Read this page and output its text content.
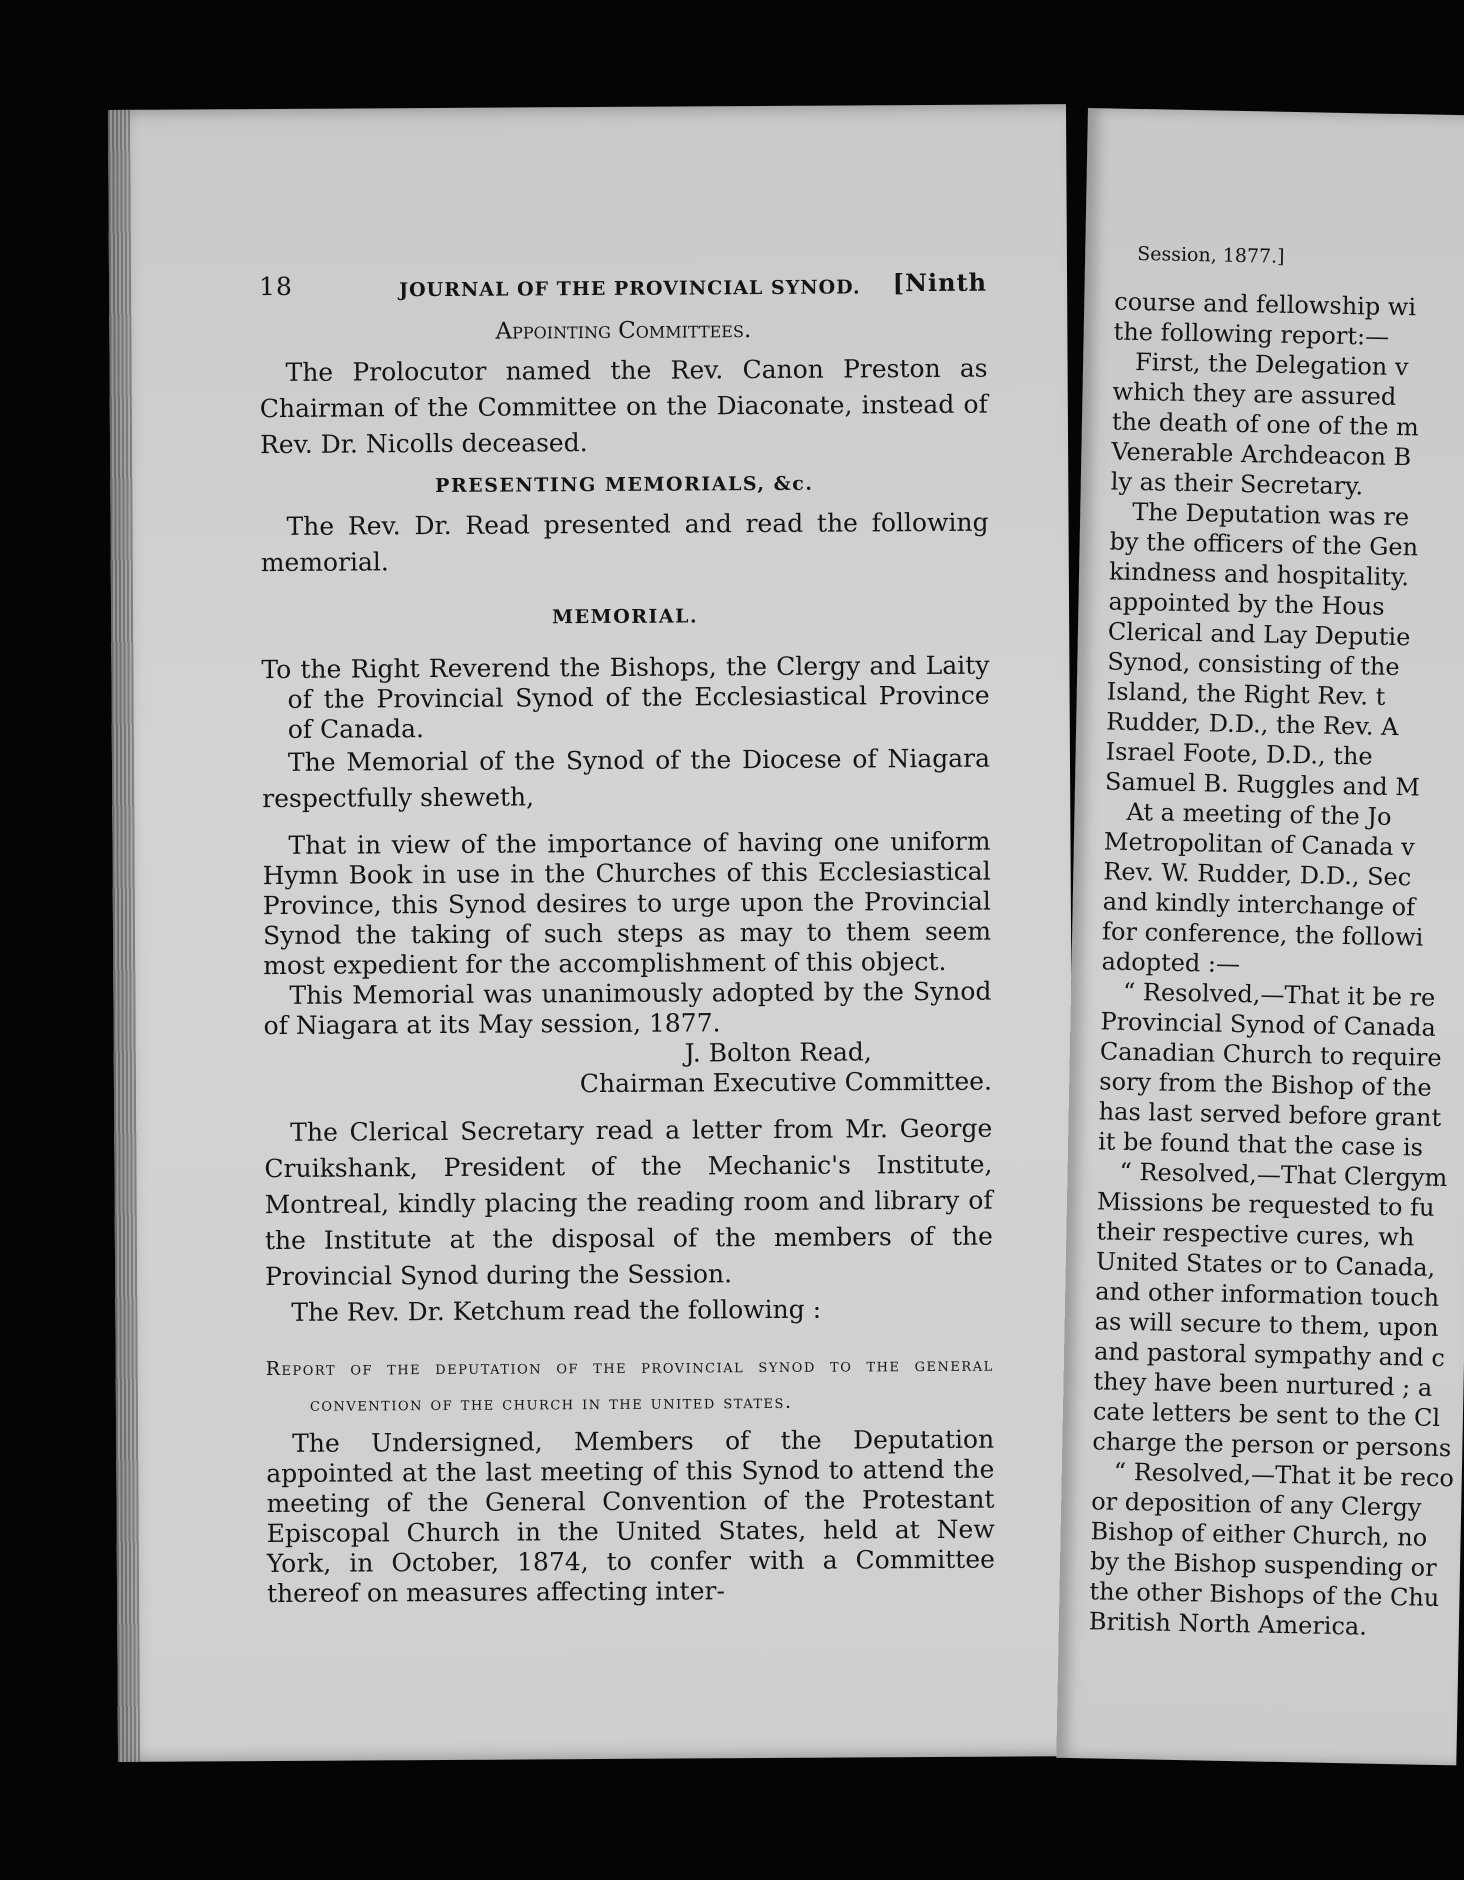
18	JOURNAL OF THE PROVINCIAL SYNOD. [Ninth
Appointing Committees.

The Prolocutor named the Rev. Canon Preston as Chairman of the Committee on the Diaconate, instead of Rev. Dr. Nicolls deceased.

PRESENTING MEMORIALS, &c.

The Rev. Dr. Read presented and read the following memorial.

MEMORIAL.

To the Right Reverend the Bishops, the Clergy and Laity of the Provincial Synod of the Ecclesiastical Province of Canada.

The Memorial of the Synod of the Diocese of Niagara respectfully sheweth,

That in view of the importance of having one uniform Hymn Book in use in the Churches of this Ecclesiastical Province, this Synod desires to urge upon the Provincial Synod the taking of such steps as may to them seem most expedient for the accomplishment of this object.

This Memorial was unanimously adopted by the Synod of Niagara at its May session, 1877.

J. Bolton Read,

Chairman Executive Committee.

The Clerical Secretary read a letter from Mr. George Cruikshank, President of the Mechanic's Institute, Montreal, kindly placing the reading room and library of the Institute at the disposal of the members of the Provincial Synod during the Session.

The Rev. Dr. Ketchum read the following :

Report of the deputation of the provincial synod to the general convention of the church in the united states.

The Undersigned, Members of the Deputation appointed at the last meeting of this Synod to attend the meeting of the General Convention of the Protestant Episcopal Church in the United States, held at New York, in October, 1874, to confer with a Committee thereof on measures affecting inter-

Session, 1877.]
course and fellowship wi
the following report:—
First, the Delegation v
which they are assured
the death of one of the m
Venerable Archdeacon B
ly as their Secretary.
The Deputation was re
by the officers of the Gen
kindness and hospitality.
appointed by the Hous
Clerical and Lay Deputie
Synod, consisting of the
Island, the Right Rev. t
Rudder, D.D., the Rev. A
Israel Foote, D.D., the
Samuel B. Ruggles and M
At a meeting of the Jo
Metropolitan of Canada v
Rev. W. Rudder, D.D., Sec
and kindly interchange of
for conference, the followi
adopted :—
“ Resolved,—That it be re
Provincial Synod of Canada
Canadian Church to require
sory from the Bishop of the
has last served before grant
it be found that the case is
“ Resolved,—That Clergym
Missions be requested to fu
their respective cures, wh
United States or to Canada,
and other information touch
as will secure to them, upon
and pastoral sympathy and c
they have been nurtured ; a
cate letters be sent to the Cl
charge the person or persons
“ Resolved,—That it be reco
or deposition of any Clergy
Bishop of either Church, no
by the Bishop suspending or
the other Bishops of the Chu
British North America.
